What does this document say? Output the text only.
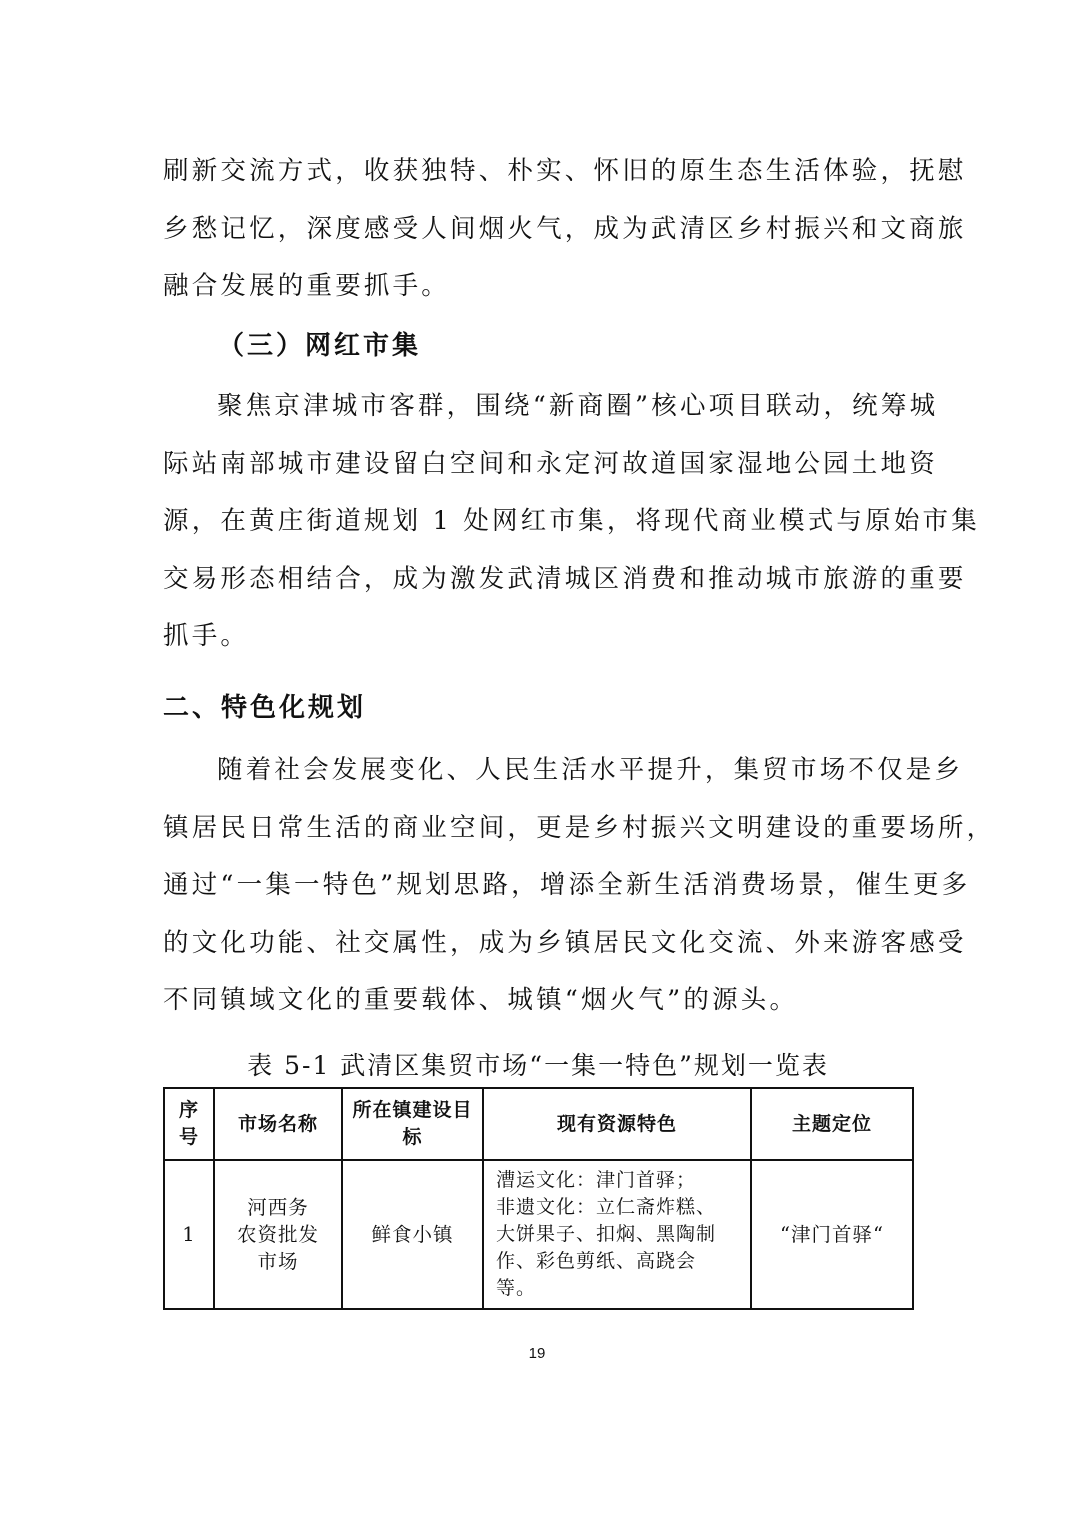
刷新交流方式，收获独特、朴实、怀旧的原生态生活体验，抚慰
乡愁记忆，深度感受人间烟火气，成为武清区乡村振兴和文商旅
融合发展的重要抓手。
（三）网红市集
聚焦京津城市客群，围绕“新商圈”核心项目联动，统筹城
际站南部城市建设留白空间和永定河故道国家湿地公园土地资
源，在黄庄街道规划 1 处网红市集，将现代商业模式与原始市集
交易形态相结合，成为激发武清城区消费和推动城市旅游的重要
抓手。
二、特色化规划
随着社会发展变化、人民生活水平提升，集贸市场不仅是乡
镇居民日常生活的商业空间，更是乡村振兴文明建设的重要场所，
通过“一集一特色”规划思路，增添全新生活消费场景，催生更多
的文化功能、社交属性，成为乡镇居民文化交流、外来游客感受
不同镇域文化的重要载体、城镇“烟火气”的源头。
表 5-1 武清区集贸市场“一集一特色”规划一览表
序号	市场名称	所在镇建设目标	现有资源特色	主题定位
1	河西务
农资批发
市场	鲜食小镇	漕运文化：津门首驿；
非遗文化：立仁斋炸糕、
大饼果子、扣焖、黑陶制
作、彩色剪纸、高跷会
等。	“津门首驿“
19
